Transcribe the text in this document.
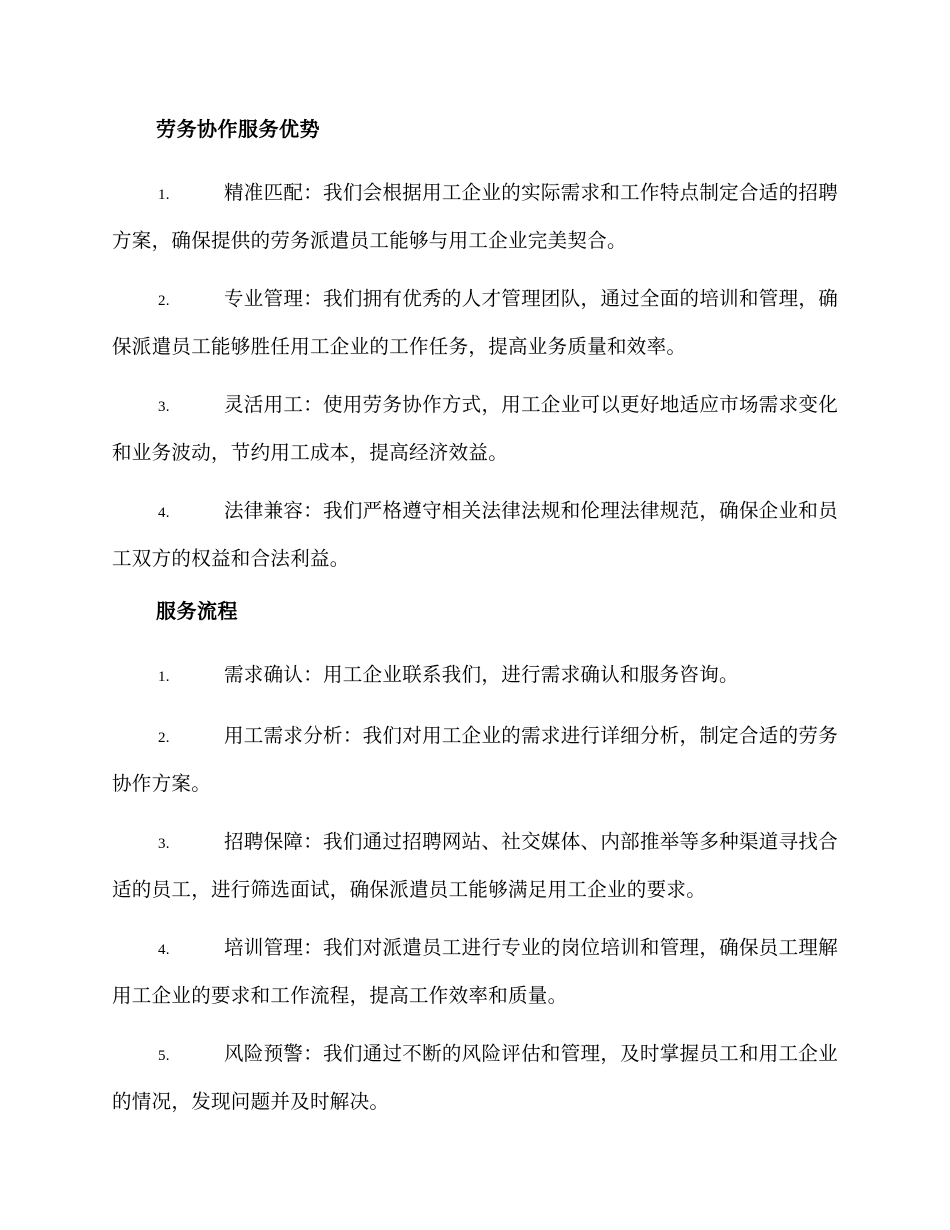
劳务协作服务优势

1.	精准匹配：我们会根据用工企业的实际需求和工作特点制定合适的招聘方案，确保提供的劳务派遣员工能够与用工企业完美契合。

2.	专业管理：我们拥有优秀的人才管理团队，通过全面的培训和管理，确保派遣员工能够胜任用工企业的工作任务，提高业务质量和效率。

3.	灵活用工：使用劳务协作方式，用工企业可以更好地适应市场需求变化和业务波动，节约用工成本，提高经济效益。

4.	法律兼容：我们严格遵守相关法律法规和伦理法律规范，确保企业和员工双方的权益和合法利益。

服务流程

1.	需求确认：用工企业联系我们，进行需求确认和服务咨询。

2.	用工需求分析：我们对用工企业的需求进行详细分析，制定合适的劳务协作方案。

3.	招聘保障：我们通过招聘网站、社交媒体、内部推举等多种渠道寻找合适的员工，进行筛选面试，确保派遣员工能够满足用工企业的要求。

4.	培训管理：我们对派遣员工进行专业的岗位培训和管理，确保员工理解用工企业的要求和工作流程，提高工作效率和质量。

5.	风险预警：我们通过不断的风险评估和管理，及时掌握员工和用工企业的情况，发现问题并及时解决。
